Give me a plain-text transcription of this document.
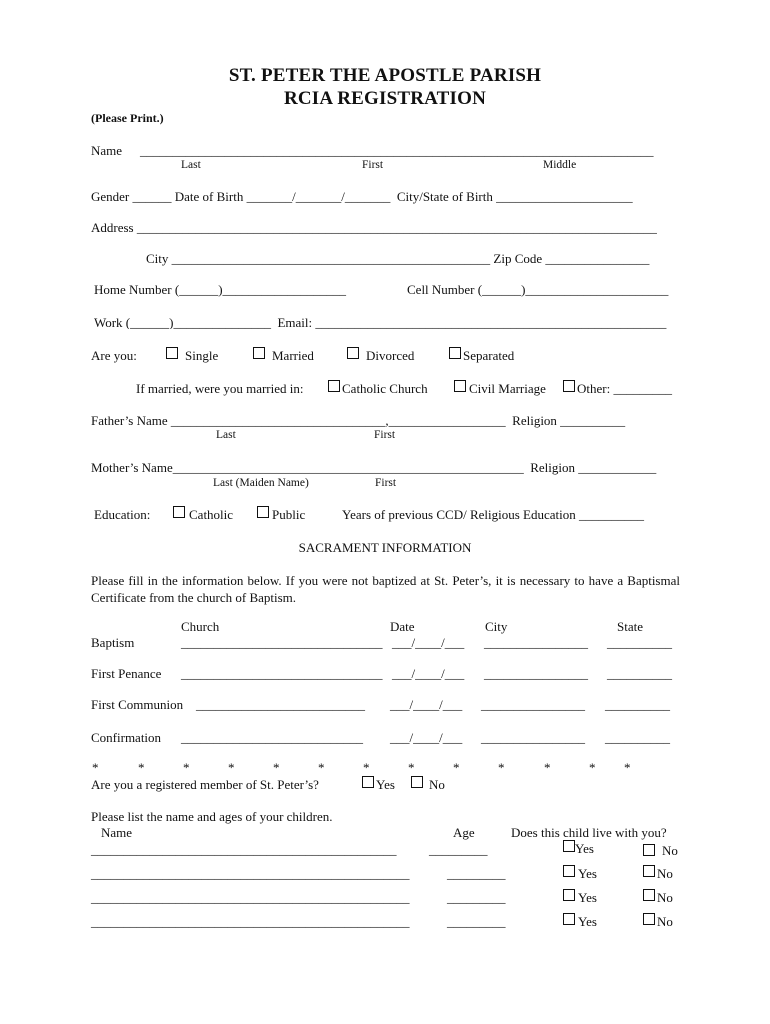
ST. PETER THE APOSTLE PARISH
RCIA REGISTRATION
(Please Print.)
Name _______________________________________________________________________________
Last	First	Middle
Gender ______ Date of Birth _______/_______/_______  City/State of Birth _____________________
Address ________________________________________________________________________________
City _________________________________________________ Zip Code ________________
Home Number (______)___________________	Cell Number (______)______________________
Work (______)_______________  Email: ______________________________________________________
Are you:	Single	Married	Divorced	Separated
If married, were you married in:	Catholic Church	Civil Marriage Other: _________
Father’s Name _________________________________,__________________  Religion __________
Last	First
Mother’s Name______________________________________________________  Religion ____________
Last (Maiden Name)	First
Education:	Catholic	Public	Years of previous CCD/ Religious Education __________
SACRAMENT INFORMATION
Please fill in the information below. If you were not baptized at St. Peter’s, it is necessary to have a Baptismal Certificate from the church of Baptism.
Church	Date	City	State
Baptism	_______________________________ ___/____/___ ________________ __________
First Penance _______________________________ ___/____/___ ________________ __________
First Communion __________________________ ___/____/___ ________________ __________
Confirmation ____________________________ ___/____/___ ________________ __________
*	*	*	*	*	*	*	*	*	*	*	* *
Are you a registered member of St. Peter’s?	Yes	No
Please list the name and ages of your children.
Name	Age	Does this child live with you?
_______________________________________________	_________	Yes	No
_________________________________________________	_________	Yes	No
_________________________________________________	_________	Yes	No
_________________________________________________	_________	Yes	No
